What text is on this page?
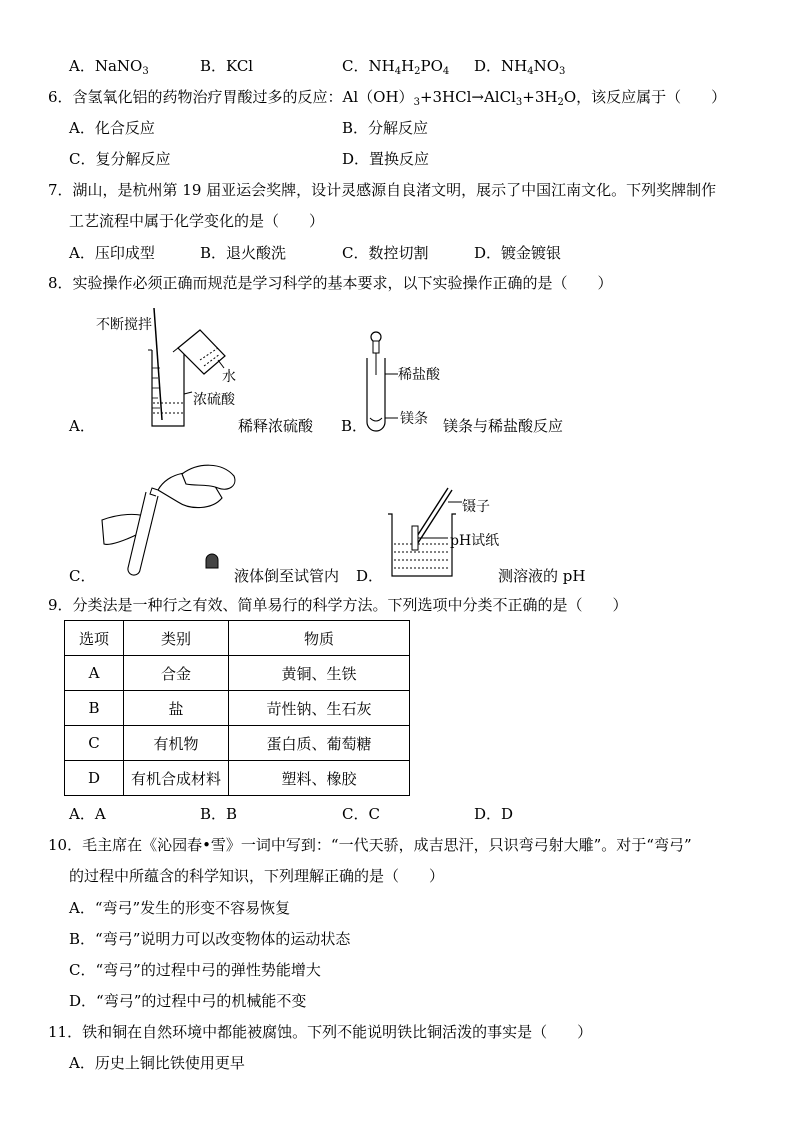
A．NaNO$_3$	B．KCl	C．$NH_4H_2PO_4$ D．$NH_4NO_3$
6．含氢氧化铝的药物治疗胃酸过多的反应：$Al(OH)_3+3HCl\to AlCl_3+3H_2O$，该反应属于（　　）
A．化合反应	B．分解反应
C．复分解反应	D．置换反应
7．湖山，是杭州第 19 届亚运会奖牌，设计灵感源自良渚文明，展示了中国江南文化。下列奖牌制作
工艺流程中属于化学变化的是（　　）
A．压印成型	B．退火酸洗	C．数控切割	D．镀金镀银
8．实验操作必须正确而规范是学习科学的基本要求，以下实验操作正确的是（　　）
A．
不断搅拌
水
浓硫酸
稀释浓硫酸 B．
稀盐酸
镁条 镁条与稀盐酸反应
C．	液体倒至试管内 D．
镊子
pH试纸
测溶液的 pH
9．分类法是一种行之有效、简单易行的科学方法。下列选项中分类不正确的是（　　）
选项	类别	物质
A	合金	黄铜、生铁
B	盐	苛性钠、生石灰
C	有机物	蛋白质、葡萄糖
D	有机合成材料	塑料、橡胶
A．A	B．B	C．C	D．D
10．毛主席在《沁园春•雪》一词中写到：“一代天骄，成吉思汗，只识弯弓射大雕”。对于“弯弓”
的过程中所蕴含的科学知识，下列理解正确的是（　　）
A．“弯弓”发生的形变不容易恢复
B．“弯弓”说明力可以改变物体的运动状态
C．“弯弓”的过程中弓的弹性势能增大
D．“弯弓”的过程中弓的机械能不变
11．铁和铜在自然环境中都能被腐蚀。下列不能说明铁比铜活泼的事实是（　　）
A．历史上铜比铁使用更早
